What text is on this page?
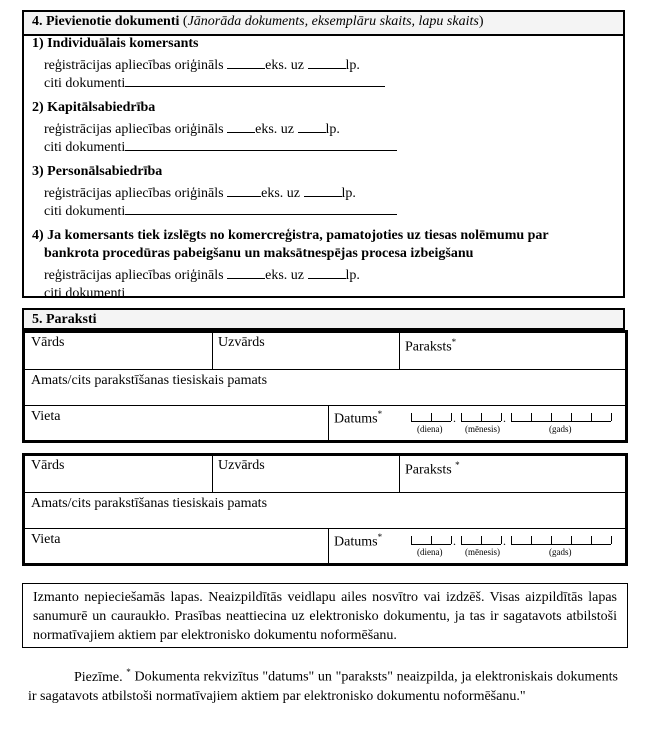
4. Pievienotie dokumenti (Jānorāda dokuments, eksemplāru skaits, lapu skaits)
1) Individuālais komersants
reģistrācijas apliecības oriģināls	eks. uz	lp.
citi dokumenti
2) Kapitālsabiedrība
reģistrācijas apliecības oriģināls eks. uz lp.
citi dokumenti
3) Personālsabiedrība
reģistrācijas apliecības oriģināls	eks. uz	lp.
citi dokumenti
4) Ja komersants tiek izslēgts no komercreģistra, pamatojoties uz tiesas nolēmumu par
bankrota procedūras pabeigšanu un maksātnespējas procesa izbeigšanu
reģistrācijas apliecības oriģināls	eks. uz	lp.
citi dokumenti
5. Paraksti
Vārds	Uzvārds	Paraksts*
Amats/cits parakstīšanas tiesiskais pamats
Vieta	Datums*	.	.
(diena)	(mēnesis)	(gads)
Vārds	Uzvārds	Paraksts *
Amats/cits parakstīšanas tiesiskais pamats
Vieta	Datums*	.	.
(diena)	(mēnesis)	(gads)
Izmanto nepieciešamās lapas. Neaizpildītās veidlapu ailes nosvītro vai izdzēš. Visas aizpildītās lapas sanumurē un cauraukło. Prasības neattiecina uz elektronisko dokumentu, ja tas ir sagatavots atbilstoši normatīvajiem aktiem par elektronisko dokumentu noformēšanu.
Piezīme. * Dokumenta rekvizītus "datums" un "paraksts" neaizpilda, ja elektroniskais dokuments ir sagatavots atbilstoši normatīvajiem aktiem par elektronisko dokumentu noformēšanu."
